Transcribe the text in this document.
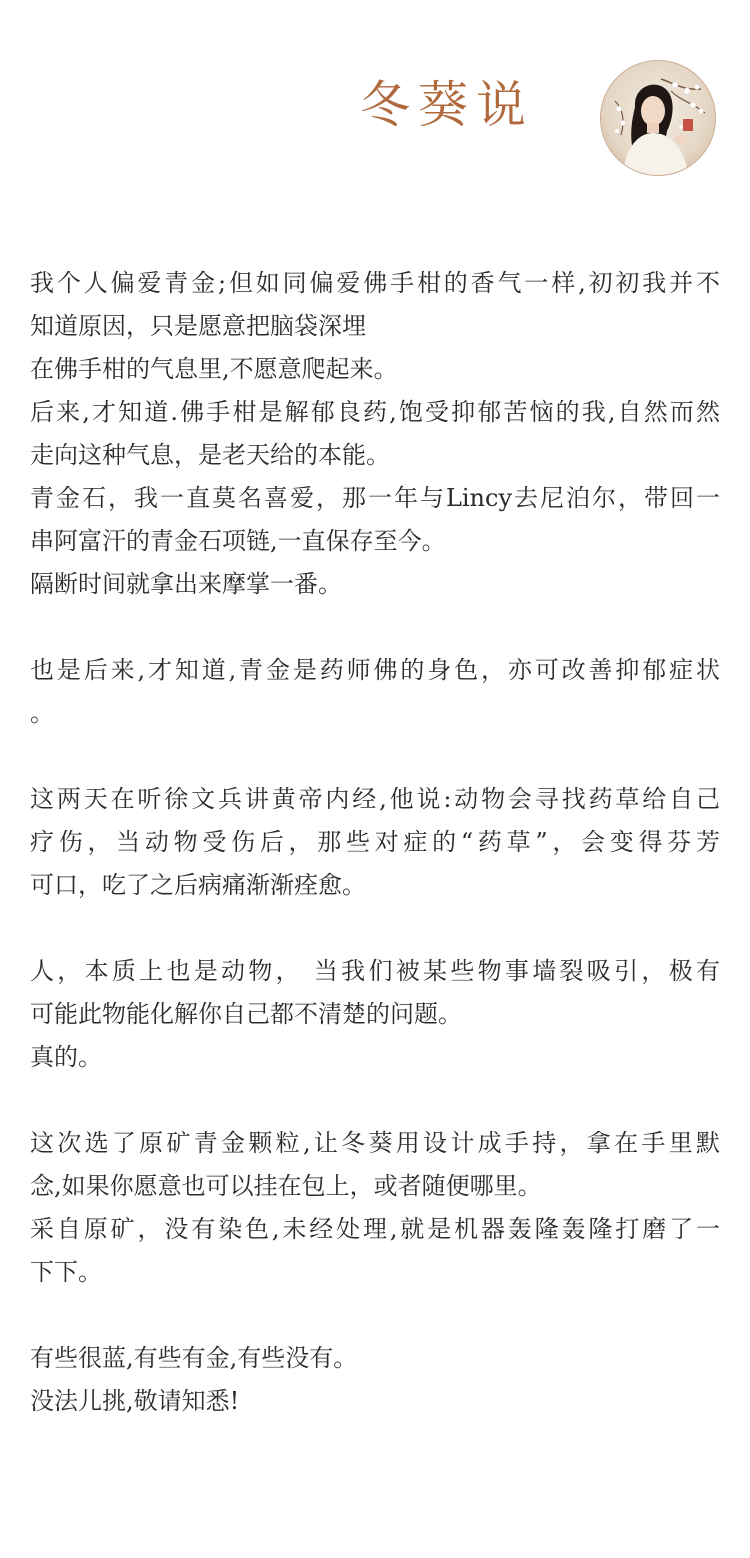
冬葵说
我个人偏爱青金;但如同偏爱佛手柑的香气一样,初初我并不
知道原因，只是愿意把脑袋深埋
在佛手柑的气息里,不愿意爬起来。
后来,才知道.佛手柑是解郁良药,饱受抑郁苦恼的我,自然而然
走向这种气息，是老天给的本能。
青金石，我一直莫名喜爱，那一年与Lincy去尼泊尔，带回一
串阿富汗的青金石项链,一直保存至今。
隔断时间就拿出来摩掌一番。
也是后来,才知道,青金是药师佛的身色，亦可改善抑郁症状
。
这两天在听徐文兵讲黄帝内经,他说:动物会寻找药草给自己
疗伤，当动物受伤后，那些对症的“药草”，会变得芬芳
可口，吃了之后病痛渐渐痊愈。
人，本质上也是动物， 当我们被某些物事墙裂吸引，极有
可能此物能化解你自己都不清楚的问题。
真的。
这次选了原矿青金颗粒,让冬葵用设计成手持，拿在手里默
念,如果你愿意也可以挂在包上，或者随便哪里。
采自原矿，没有染色,未经处理,就是机器轰隆轰隆打磨了一
下下。
有些很蓝,有些有金,有些没有。
没法儿挑,敬请知悉!
